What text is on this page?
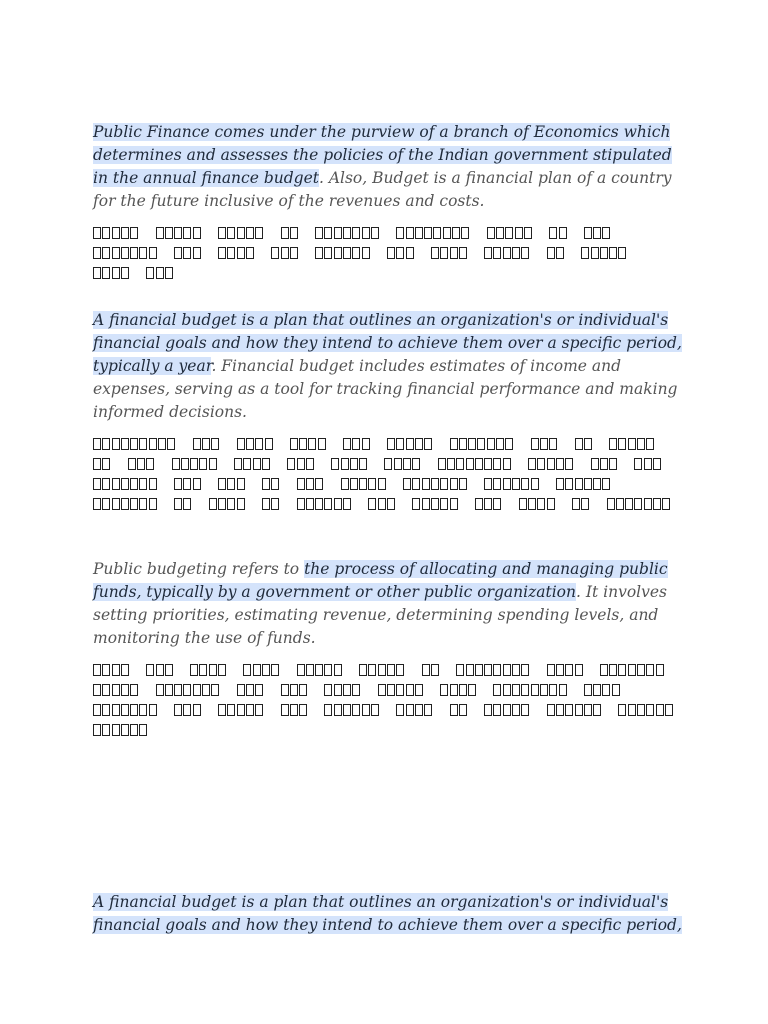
Public Finance comes under the purview of a branch of Economics which determines and assesses the policies of the Indian government stipulated in the annual finance budget. Also, Budget is a financial plan of a country for the future inclusive of the revenues and costs.

A financial budget is a plan that outlines an organization's or individual's financial goals and how they intend to achieve them over a specific period, typically a year. Financial budget includes estimates of income and expenses, serving as a tool for tracking financial performance and making informed decisions.

Public budgeting refers to the process of allocating and managing public funds, typically by a government or other public organization. It involves setting priorities, estimating revenue, determining spending levels, and monitoring the use of funds.

A financial budget is a plan that outlines an organization's or individual's financial goals and how they intend to achieve them over a specific period,
